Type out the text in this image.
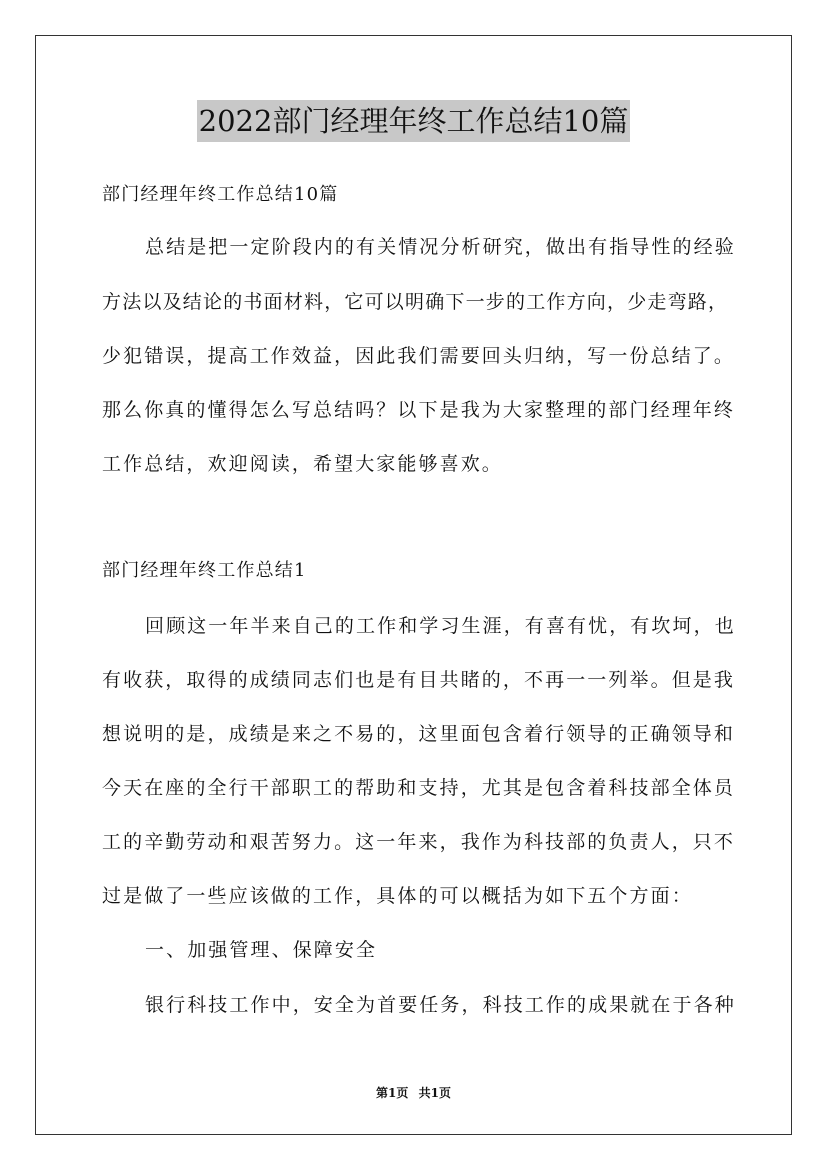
2022部门经理年终工作总结10篇
部门经理年终工作总结10篇
总结是把一定阶段内的有关情况分析研究，做出有指导性的经验
方法以及结论的书面材料，它可以明确下一步的工作方向，少走弯路，
少犯错误，提高工作效益，因此我们需要回头归纳，写一份总结了。
那么你真的懂得怎么写总结吗？以下是我为大家整理的部门经理年终
工作总结，欢迎阅读，希望大家能够喜欢。
部门经理年终工作总结1
回顾这一年半来自己的工作和学习生涯，有喜有忧，有坎坷，也
有收获，取得的成绩同志们也是有目共睹的，不再一一列举。但是我
想说明的是，成绩是来之不易的，这里面包含着行领导的正确领导和
今天在座的全行干部职工的帮助和支持，尤其是包含着科技部全体员
工的辛勤劳动和艰苦努力。这一年来，我作为科技部的负责人，只不
过是做了一些应该做的工作，具体的可以概括为如下五个方面：
一、加强管理、保障安全
银行科技工作中，安全为首要任务，科技工作的成果就在于各种
第1页 共1页
